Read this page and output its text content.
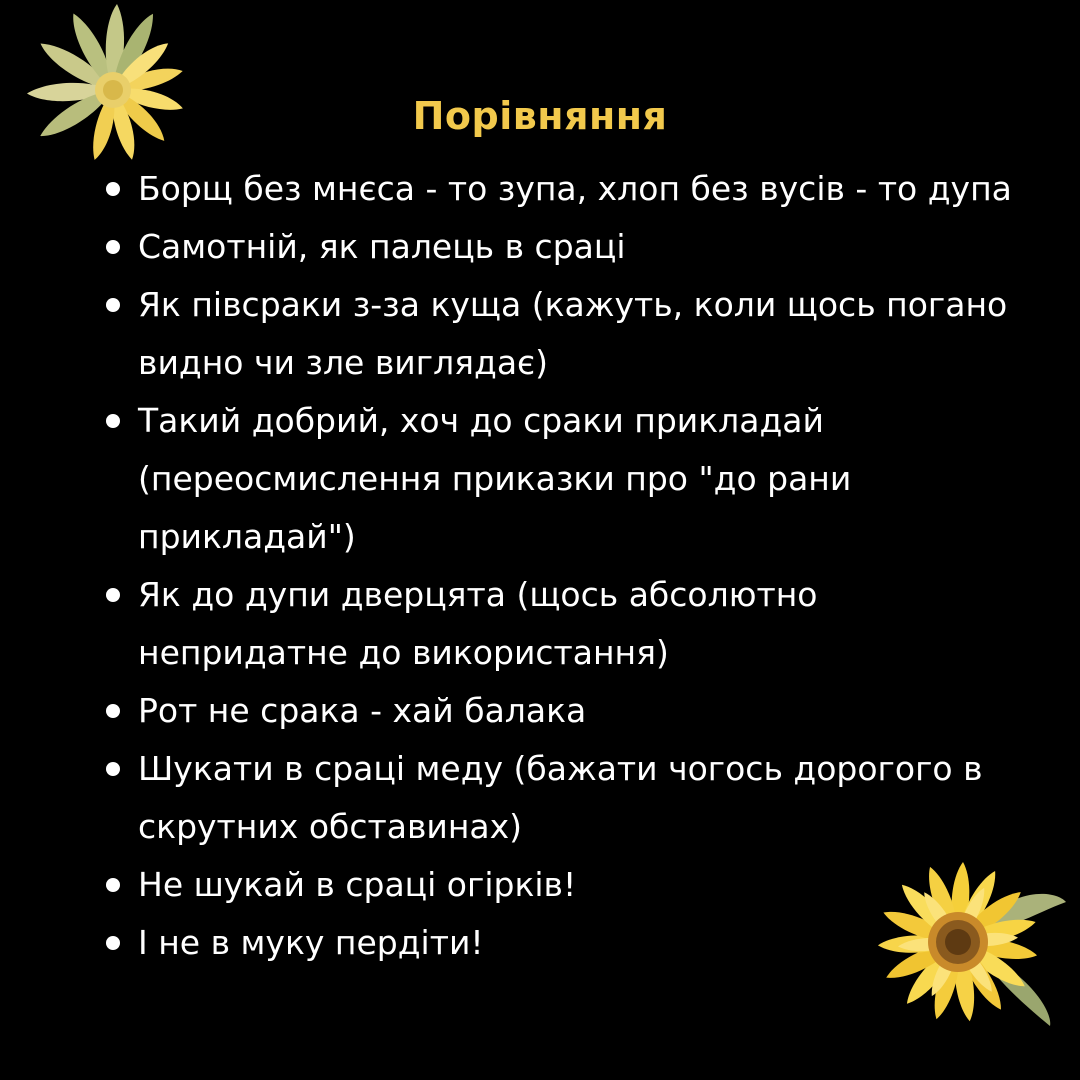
Порівняння
Борщ без мнєса - то зупа, хлоп без вусів - то дупа
Самотній, як палець в сраці
Як півсраки з-за куща (кажуть, коли щось погано видно чи зле виглядає)
Такий добрий, хоч до сраки прикладай (переосмислення приказки про "до рани прикладай")
Як до дупи дверцята (щось абсолютно непридатне до використання)
Рот не срака - хай балака
Шукати в сраці меду (бажати чогось дорогого в скрутних обставинах)
Не шукай в сраці огірків!
І не в муку пердіти!
